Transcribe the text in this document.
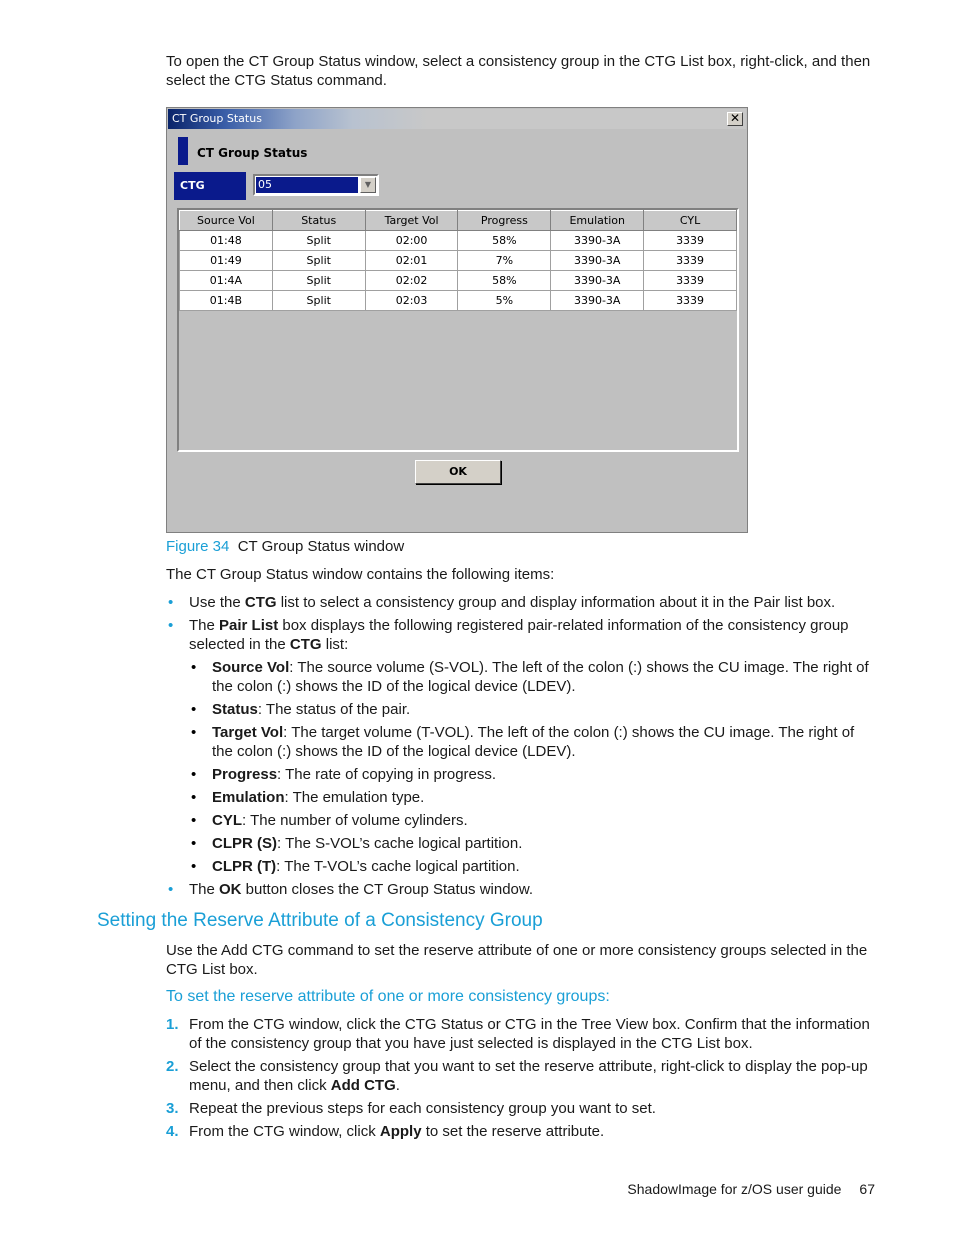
To open the CT Group Status window, select a consistency group in the CTG List box, right-click, and then select the CTG Status command.

CT Group Status	✕
CT Group Status
CTG	05	▼
Source Vol	Status	Target Vol	Progress	Emulation	CYL
01:48	Split	02:00	58%	3390-3A	3339
01:49	Split	02:01	7%	3390-3A	3339
01:4A	Split	02:02	58%	3390-3A	3339
01:4B	Split	02:03	5%	3390-3A	3339
OK
Figure 34 CT Group Status window

The CT Group Status window contains the following items:

• Use the CTG list to select a consistency group and display information about it in the Pair list box.
• The Pair List box displays the following registered pair-related information of the consistency group selected in the CTG list:
• Source Vol: The source volume (S-VOL). The left of the colon (:) shows the CU image. The right of the colon (:) shows the ID of the logical device (LDEV).
• Status: The status of the pair.
• Target Vol: The target volume (T-VOL). The left of the colon (:) shows the CU image. The right of the colon (:) shows the ID of the logical device (LDEV).
• Progress: The rate of copying in progress.
• Emulation: The emulation type.
• CYL: The number of volume cylinders.
• CLPR (S): The S-VOL’s cache logical partition.
• CLPR (T): The T-VOL’s cache logical partition.
• The OK button closes the CT Group Status window.
Setting the Reserve Attribute of a Consistency Group

Use the Add CTG command to set the reserve attribute of one or more consistency groups selected in the CTG List box.

To set the reserve attribute of one or more consistency groups:
1. From the CTG window, click the CTG Status or CTG in the Tree View box. Confirm that the information of the consistency group that you have just selected is displayed in the CTG List box.
2. Select the consistency group that you want to set the reserve attribute, right-click to display the pop-up menu, and then click Add CTG.
3. Repeat the previous steps for each consistency group you want to set.
4. From the CTG window, click Apply to set the reserve attribute.
ShadowImage for z/OS user guide 67
